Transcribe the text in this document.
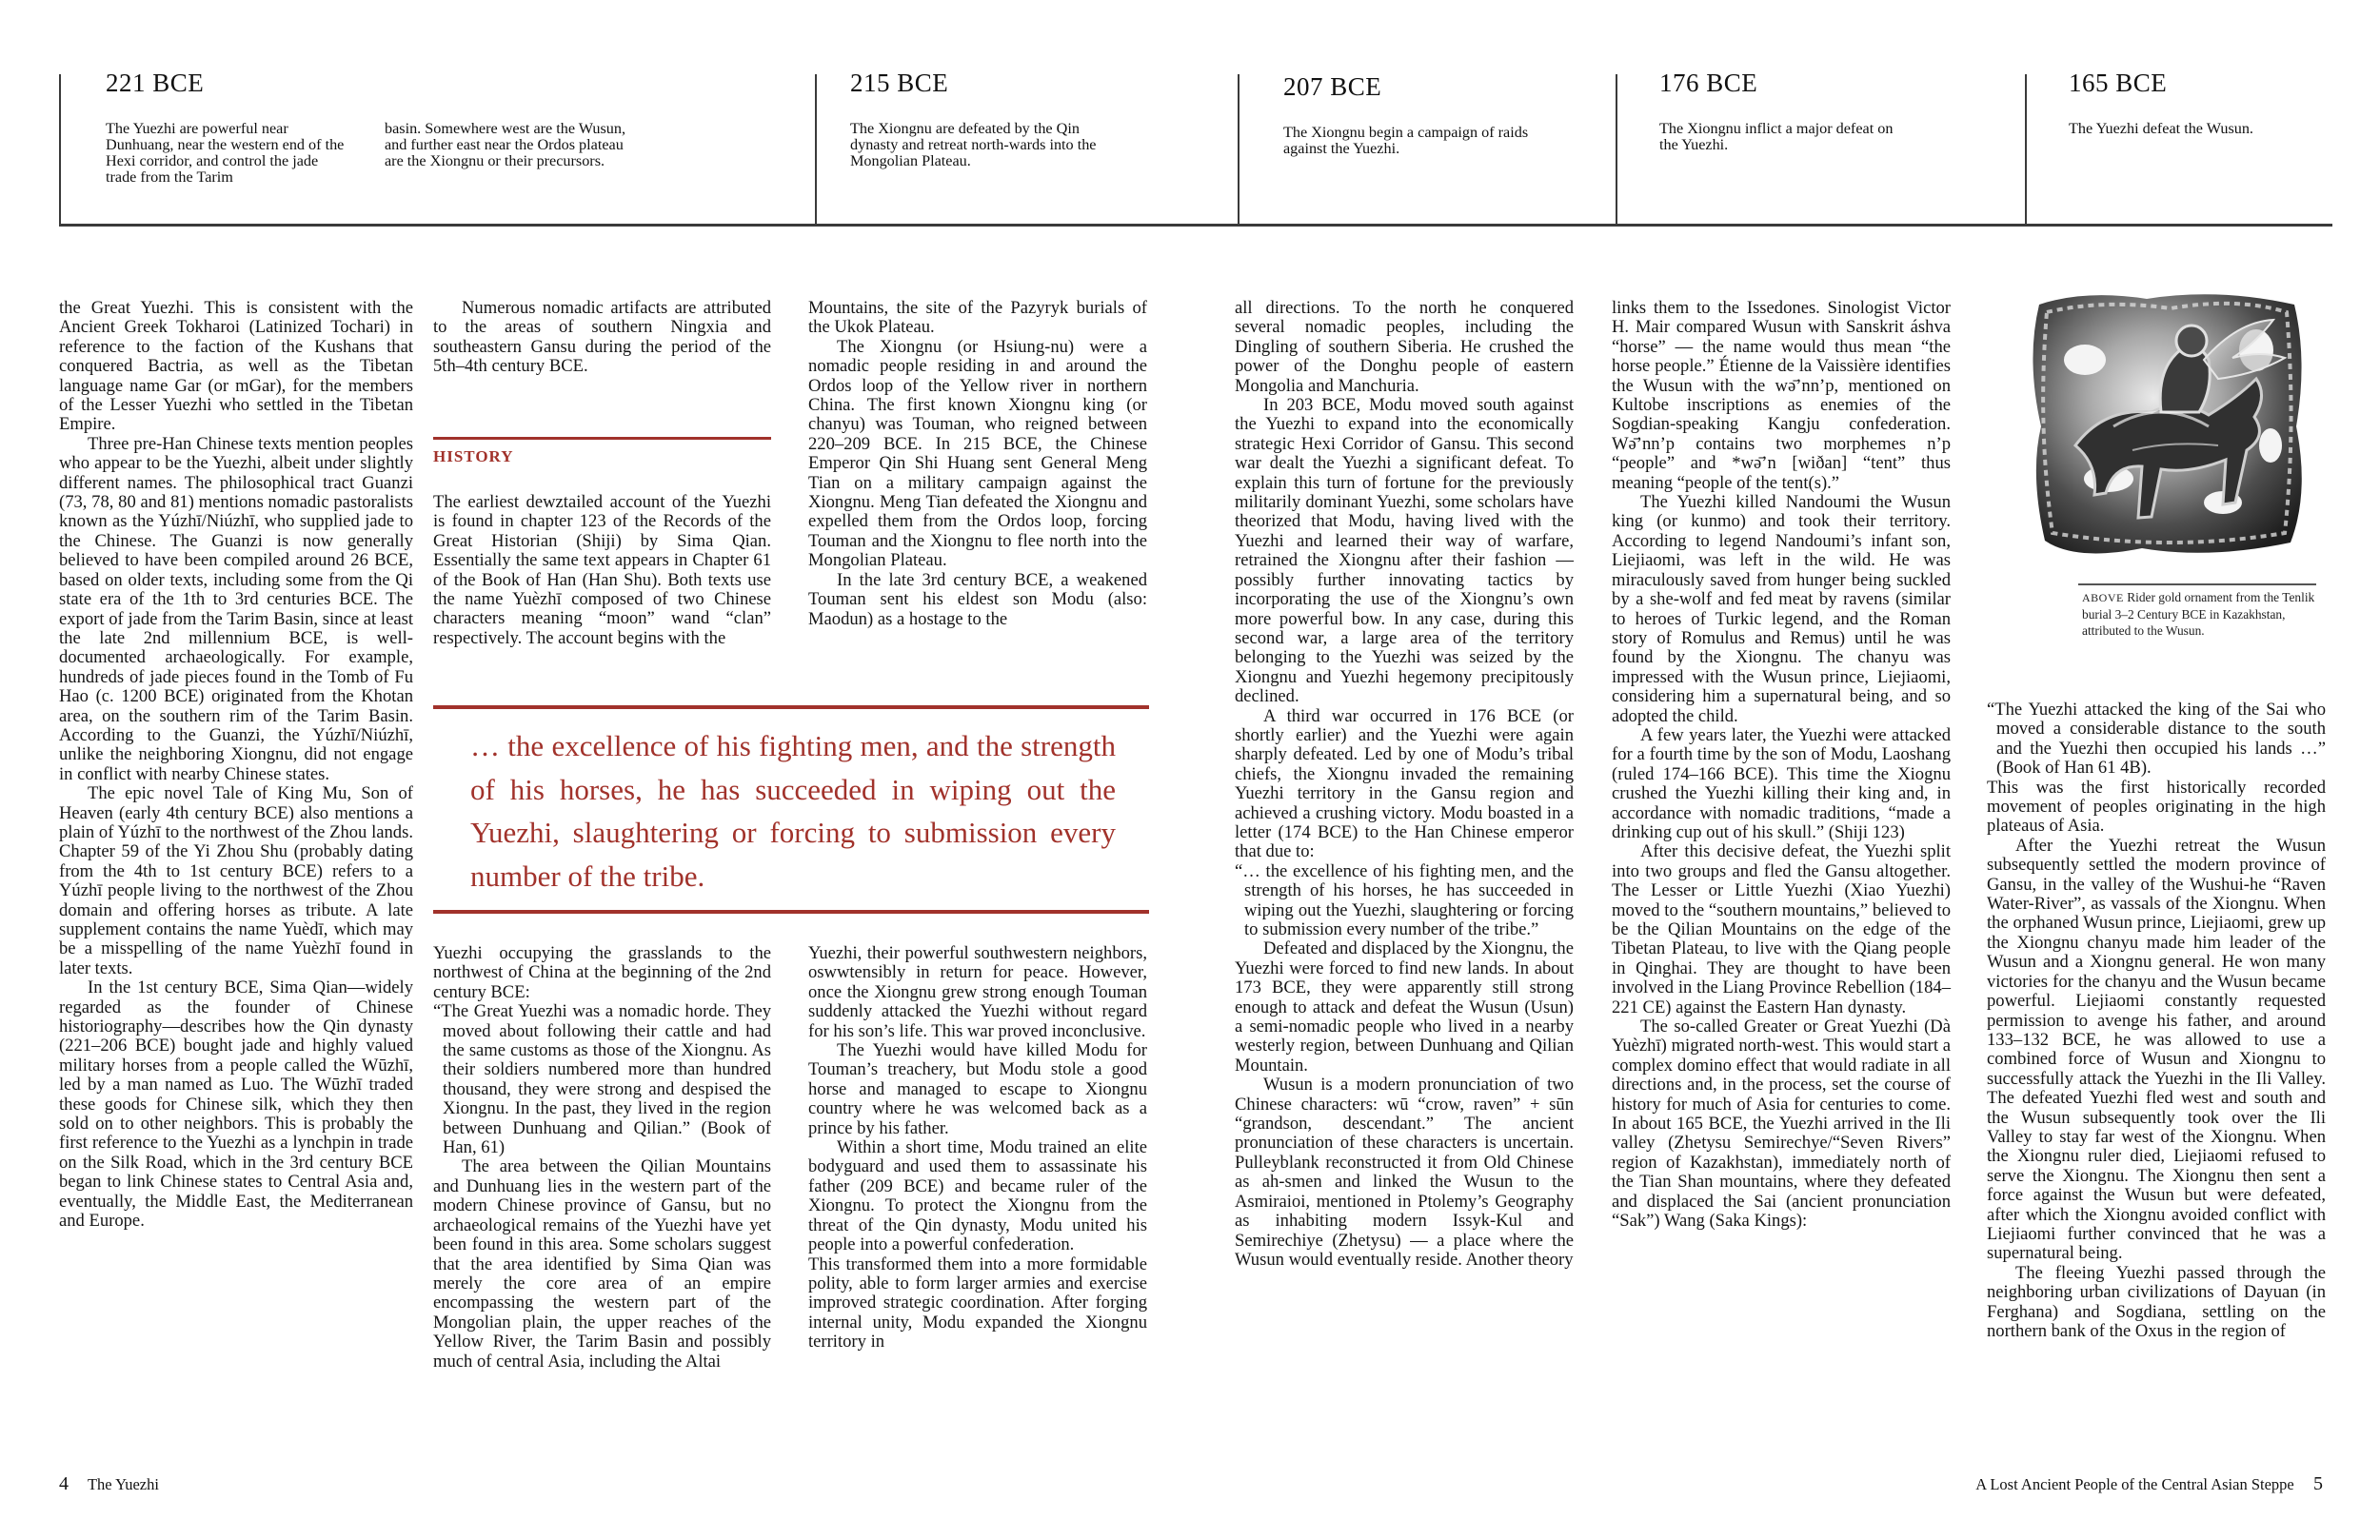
221 BCE
The Yuezhi are powerful near Dunhuang, near the western end of the Hexi corridor, and control the jade trade from the Tarim
basin. Somewhere west are the Wusun, and further east near the Ordos plateau are the Xiongnu or their precursors.
215 BCE
The Xiongnu are defeated by the Qin dynasty and retreat north-wards into the Mongolian Plateau.
207 BCE
The Xiongnu begin a campaign of raids against the Yuezhi.
176 BCE
The Xiongnu inflict a major defeat on the Yuezhi.
165 BCE
The Yuezhi defeat the Wusun.

the Great Yuezhi. This is consistent with the Ancient Greek Tokharoi (Latinized Tochari) in reference to the faction of the Kushans that conquered Bactria, as well as the Tibetan language name Gar (or mGar), for the members of the Lesser Yuezhi who settled in the Tibetan Empire.

Three pre-Han Chinese texts mention peoples who appear to be the Yuezhi, albeit under slightly different names. The philosophical tract Guanzi (73, 78, 80 and 81) mentions nomadic pastoralists known as the Yúzhī/Niúzhī, who supplied jade to the Chinese. The Guanzi is now generally believed to have been compiled around 26 BCE, based on older texts, including some from the Qi state era of the 1th to 3rd centuries BCE. The export of jade from the Tarim Basin, since at least the late 2nd millennium BCE, is well-documented archaeologically. For example, hundreds of jade pieces found in the Tomb of Fu Hao (c. 1200 BCE) originated from the Khotan area, on the southern rim of the Tarim Basin. According to the Guanzi, the Yúzhī/Niúzhī, unlike the neighboring Xiongnu, did not engage in conflict with nearby Chinese states.

The epic novel Tale of King Mu, Son of Heaven (early 4th century BCE) also mentions a plain of Yúzhī to the northwest of the Zhou lands. Chapter 59 of the Yi Zhou Shu (probably dating from the 4th to 1st century BCE) refers to a Yúzhī people living to the northwest of the Zhou domain and offering horses as tribute. A late supplement contains the name Yuèdī, which may be a misspelling of the name Yuèzhī found in later texts.

In the 1st century BCE, Sima Qian—widely regarded as the founder of Chinese historiography—describes how the Qin dynasty (221–206 BCE) bought jade and highly valued military horses from a people called the Wūzhī, led by a man named as Luo. The Wūzhī traded these goods for Chinese silk, which they then sold on to other neighbors. This is probably the first reference to the Yuezhi as a lynchpin in trade on the Silk Road, which in the 3rd century BCE began to link Chinese states to Central Asia and, eventually, the Middle East, the Mediterranean and Europe.

Numerous nomadic artifacts are attributed to the areas of southern Ningxia and southeastern Gansu during the period of the 5th–4th century BCE.

HISTORY

The earliest dewztailed account of the Yuezhi is found in chapter 123 of the Records of the Great Historian (Shiji) by Sima Qian. Essentially the same text appears in Chapter 61 of the Book of Han (Han Shu). Both texts use the name Yuèzhī composed of two Chinese characters meaning “moon” wand “clan” respectively. The account begins with the

Mountains, the site of the Pazyryk burials of the Ukok Plateau.

The Xiongnu (or Hsiung-nu) were a nomadic people residing in and around the Ordos loop of the Yellow river in northern China. The first known Xiongnu king (or chanyu) was Touman, who reigned between 220–209 BCE. In 215 BCE, the Chinese Emperor Qin Shi Huang sent General Meng Tian on a military campaign against the Xiongnu. Meng Tian defeated the Xiongnu and expelled them from the Ordos loop, forcing Touman and the Xiongnu to flee north into the Mongolian Plateau.

In the late 3rd century BCE, a weakened Touman sent his eldest son Modu (also: Maodun) as a hostage to the

… the excellence of his fighting men, and the strength of his horses, he has succeeded in wiping out the Yuezhi, slaughtering or forcing to submission every number of the tribe.

Yuezhi occupying the grasslands to the northwest of China at the beginning of the 2nd century BCE:

“The Great Yuezhi was a nomadic horde. They moved about following their cattle and had the same customs as those of the Xiongnu. As their soldiers numbered more than hundred thousand, they were strong and despised the Xiongnu. In the past, they lived in the region between Dunhuang and Qilian.” (Book of Han, 61)

The area between the Qilian Mountains and Dunhuang lies in the western part of the modern Chinese province of Gansu, but no archaeological remains of the Yuezhi have yet been found in this area. Some scholars suggest that the area identified by Sima Qian was merely the core area of an empire encompassing the western part of the Mongolian plain, the upper reaches of the Yellow River, the Tarim Basin and possibly much of central Asia, including the Altai

Yuezhi, their powerful southwestern neighbors, oswwtensibly in return for peace. However, once the Xiongnu grew strong enough Touman suddenly attacked the Yuezhi without regard for his son’s life. This war proved inconclusive.

The Yuezhi would have killed Modu for Touman’s treachery, but Modu stole a good horse and managed to escape to Xiongnu country where he was welcomed back as a prince by his father.

Within a short time, Modu trained an elite bodyguard and used them to assassinate his father (209 BCE) and became ruler of the Xiongnu. To protect the Xiongnu from the threat of the Qin dynasty, Modu united his people into a powerful confederation.

This transformed them into a more formidable polity, able to form larger armies and exercise improved strategic coordination. After forging internal unity, Modu expanded the Xiongnu territory in

all directions. To the north he conquered several nomadic peoples, including the Dingling of southern Siberia. He crushed the power of the Donghu people of eastern Mongolia and Manchuria.

In 203 BCE, Modu moved south against the Yuezhi to expand into the economically strategic Hexi Corridor of Gansu. This second war dealt the Yuezhi a significant defeat. To explain this turn of fortune for the previously militarily dominant Yuezhi, some scholars have theorized that Modu, having lived with the Yuezhi and learned their way of warfare, retrained the Xiongnu after their fashion — possibly further innovating tactics by incorporating the use of the Xiongnu’s own more powerful bow. In any case, during this second war, a large area of the territory belonging to the Yuezhi was seized by the Xiongnu and Yuezhi hegemony precipitously declined.

A third war occurred in 176 BCE (or shortly earlier) and the Yuezhi were again sharply defeated. Led by one of Modu’s tribal chiefs, the Xiongnu invaded the remaining Yuezhi territory in the Gansu region and achieved a crushing victory. Modu boasted in a letter (174 BCE) to the Han Chinese emperor that due to:

“… the excellence of his fighting men, and the strength of his horses, he has succeeded in wiping out the Yuezhi, slaughtering or forcing to submission every number of the tribe.”

Defeated and displaced by the Xiongnu, the Yuezhi were forced to find new lands. In about 173 BCE, they were apparently still strong enough to attack and defeat the Wusun (Usun) a semi-nomadic people who lived in a nearby westerly region, between Dunhuang and Qilian Mountain.

Wusun is a modern pronunciation of two Chinese characters: wū “crow, raven” + sūn “grandson, descendant.” The ancient pronunciation of these characters is uncertain. Pulleyblank reconstructed it from Old Chinese as ah-smen and linked the Wusun to the Asmiraioi, mentioned in Ptolemy’s Geography as inhabiting modern Issyk-Kul and Semirechiye (Zhetysu) — a place where the Wusun would eventually reside. Another theory

links them to the Issedones. Sinologist Victor H. Mair compared Wusun with Sanskrit áshva “horse” — the name would thus mean “the horse people.” Étienne de la Vaissière identifies the Wusun with the wə̄’nn’p, mentioned on Kultobe inscriptions as enemies of the Sogdian-speaking Kangju confederation. Wə̄’nn’p contains two morphemes n’p “people” and *wə̄’n [wiðan] “tent” thus meaning “people of the tent(s).”

The Yuezhi killed Nandoumi the Wusun king (or kunmo) and took their territory. According to legend Nandoumi’s infant son, Liejiaomi, was left in the wild. He was miraculously saved from hunger being suckled by a she-wolf and fed meat by ravens (similar to heroes of Turkic legend, and the Roman story of Romulus and Remus) until he was found by the Xiongnu. The chanyu was impressed with the Wusun prince, Liejiaomi, considering him a supernatural being, and so adopted the child.

A few years later, the Yuezhi were attacked for a fourth time by the son of Modu, Laoshang (ruled 174–166 BCE). This time the Xiognu crushed the Yuezhi killing their king and, in accordance with nomadic traditions, “made a drinking cup out of his skull.” (Shiji 123)

After this decisive defeat, the Yuezhi split into two groups and fled the Gansu altogether. The Lesser or Little Yuezhi (Xiao Yuezhi) moved to the “southern mountains,” believed to be the Qilian Mountains on the edge of the Tibetan Plateau, to live with the Qiang people in Qinghai. They are thought to have been involved in the Liang Province Rebellion (184–221 CE) against the Eastern Han dynasty.

The so-called Greater or Great Yuezhi (Dà Yuèzhī) migrated north-west. This would start a complex domino effect that would radiate in all directions and, in the process, set the course of history for much of Asia for centuries to come. In about 165 BCE, the Yuezhi arrived in the Ili valley (Zhetysu Semirechye/“Seven Rivers” region of Kazakhstan), immediately north of the Tian Shan mountains, where they defeated and displaced the Sai (ancient pronunciation “Sak”) Wang (Saka Kings):

ABOVE Rider gold ornament from the Tenlik burial 3–2 Century BCE in Kazakhstan, attributed to the Wusun.

“The Yuezhi attacked the king of the Sai who moved a considerable distance to the south and the Yuezhi then occupied his lands …” (Book of Han 61 4B).

This was the first historically recorded movement of peoples originating in the high plateaus of Asia.

After the Yuezhi retreat the Wusun subsequently settled the modern province of Gansu, in the valley of the Wushui-he “Raven Water-River”, as vassals of the Xiongnu. When the orphaned Wusun prince, Liejiaomi, grew up the Xiongnu chanyu made him leader of the Wusun and a Xiongnu general. He won many victories for the chanyu and the Wusun became powerful. Liejiaomi constantly requested permission to avenge his father, and around 133–132 BCE, he was allowed to use a combined force of Wusun and Xiongnu to successfully attack the Yuezhi in the Ili Valley. The defeated Yuezhi fled west and south and the Wusun subsequently took over the Ili Valley to stay far west of the Xiongnu. When the Xiongnu ruler died, Liejiaomi refused to serve the Xiongnu. The Xiongnu then sent a force against the Wusun but were defeated, after which the Xiongnu avoided conflict with Liejiaomi further convinced that he was a supernatural being.

The fleeing Yuezhi passed through the neighboring urban civilizations of Dayuan (in Ferghana) and Sogdiana, settling on the northern bank of the Oxus in the region of

4 The Yuezhi	A Lost Ancient People of the Central Asian Steppe 5
